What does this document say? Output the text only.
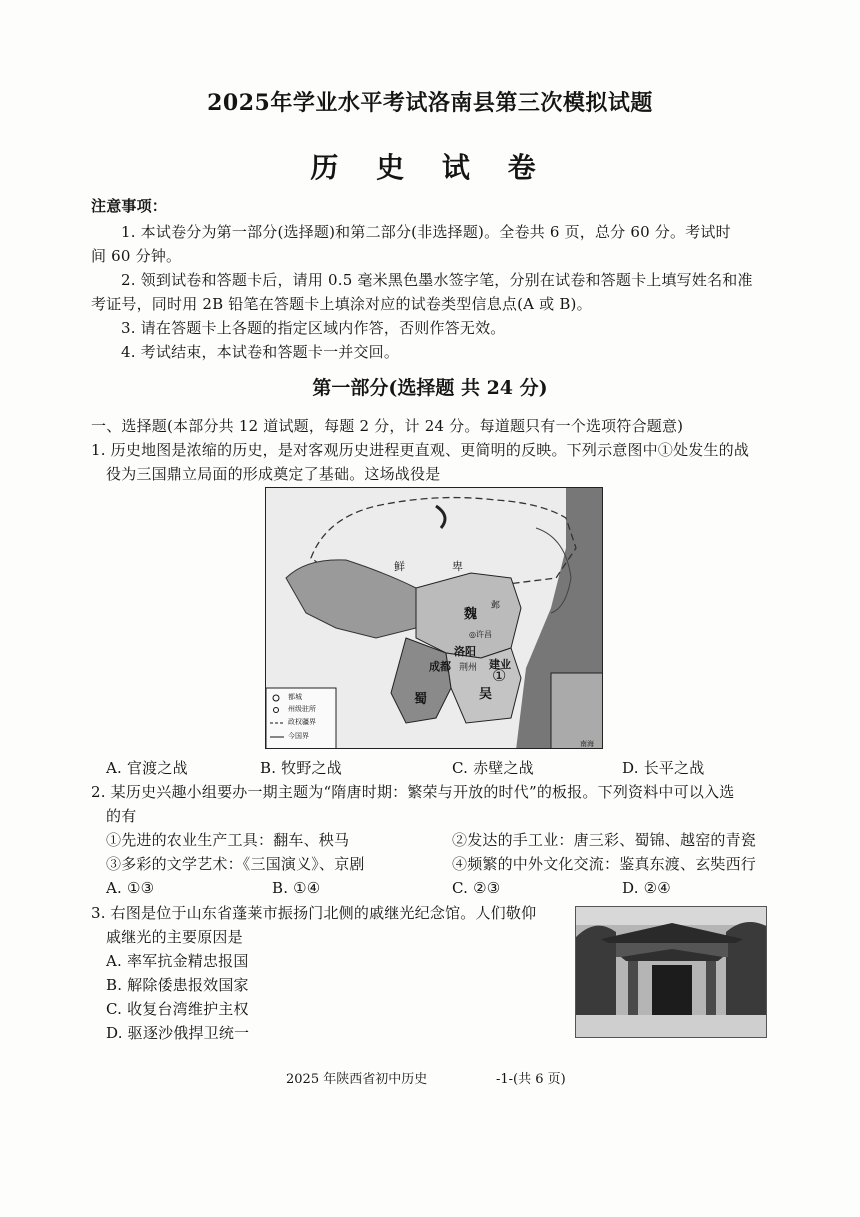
2025年学业水平考试洛南县第三次模拟试题
历 史 试 卷
注意事项：
1. 本试卷分为第一部分(选择题)和第二部分(非选择题)。全卷共 6 页，总分 60 分。考试时
间 60 分钟。
2. 领到试卷和答题卡后，请用 0.5 毫米黑色墨水签字笔，分别在试卷和答题卡上填写姓名和准
考证号，同时用 2B 铅笔在答题卡上填涂对应的试卷类型信息点(A 或 B)。
3. 请在答题卡上各题的指定区域内作答，否则作答无效。
4. 考试结束，本试卷和答题卡一并交回。
第一部分(选择题 共 24 分)
一、选择题(本部分共 12 道试题，每题 2 分，计 24 分。每道题只有一个选项符合题意)
1. 历史地图是浓缩的历史，是对客观历史进程更直观、更简明的反映。下列示意图中①处发生的战
役为三国鼎立局面的形成奠定了基础。这场战役是
鲜	卑
魏
邺
◎许昌
洛阳
成都 荆州 建业
蜀	吴
①
都城
州级驻所
政权疆界
今国界
南海
A. 官渡之战	B. 牧野之战	C. 赤壁之战	D. 长平之战
2. 某历史兴趣小组要办一期主题为“隋唐时期：繁荣与开放的时代”的板报。下列资料中可以入选
的有
①先进的农业生产工具：翻车、秧马	②发达的手工业：唐三彩、蜀锦、越窑的青瓷
③多彩的文学艺术：《三国演义》、京剧	④频繁的中外文化交流：鉴真东渡、玄奘西行
A. ①③	B. ①④	C. ②③	D. ②④
3. 右图是位于山东省蓬莱市振扬门北侧的戚继光纪念馆。人们敬仰
戚继光的主要原因是
A. 率军抗金精忠报国
B. 解除倭患报效国家
C. 收复台湾维护主权
D. 驱逐沙俄捍卫统一
2025 年陕西省初中历史	-1-(共 6 页)
